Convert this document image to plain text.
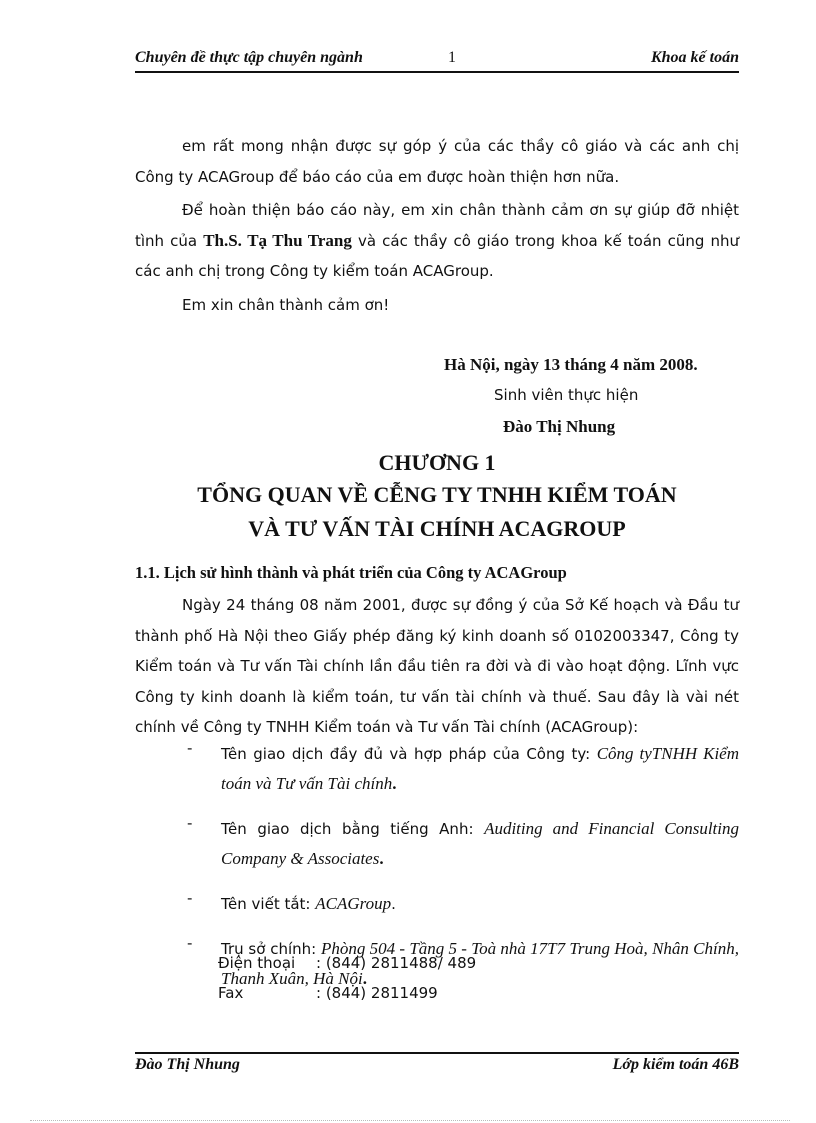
Chuyên đề thực tập chuyên ngành	1	Khoa kế toán

em rất mong nhận được sự góp ý của các thầy cô giáo và các anh chị Công ty ACAGroup để báo cáo của em được hoàn thiện hơn nữa.

Để hoàn thiện báo cáo này, em xin chân thành cảm ơn sự giúp đỡ nhiệt tình của Th.S. Tạ Thu Trang và các thầy cô giáo trong khoa kế toán cũng như các anh chị trong Công ty kiểm toán ACAGroup.

Em xin chân thành cảm ơn!

Hà Nội, ngày 13 tháng 4 năm 2008.
Sinh viên thực hiện
Đào Thị Nhung
CHƯƠNG 1
TỔNG QUAN VỀ CỄNG TY TNHH KIỂM TOÁN
VÀ TƯ VẤN TÀI CHÍNH ACAGROUP
1.1. Lịch sử hình thành và phát triển của Công ty ACAGroup

Ngày 24 tháng 08 năm 2001, được sự đồng ý của Sở Kế hoạch và Đầu tư thành phố Hà Nội theo Giấy phép đăng ký kinh doanh số 0102003347, Công ty Kiểm toán và Tư vấn Tài chính lần đầu tiên ra đời và đi vào hoạt động. Lĩnh vực Công ty kinh doanh là kiểm toán, tư vấn tài chính và thuế. Sau đây là vài nét chính về Công ty TNHH Kiểm toán và Tư vấn Tài chính (ACAGroup):

- Tên giao dịch đầy đủ và hợp pháp của Công ty: Công tyTNHH Kiểm toán và Tư vấn Tài chính.

- Tên giao dịch bằng tiếng Anh: Auditing and Financial Consulting Company & Associates.

- Tên viết tắt: ACAGroup.

- Trụ sở chính: Phòng 504 - Tầng 5 - Toà nhà 17T7 Trung Hoà, Nhân Chính, Thanh Xuân, Hà Nội.

Điện thoại : (844) 2811488/ 489
Fax	: (844) 2811499
Đào Thị Nhung	Lớp kiểm toán 46B
